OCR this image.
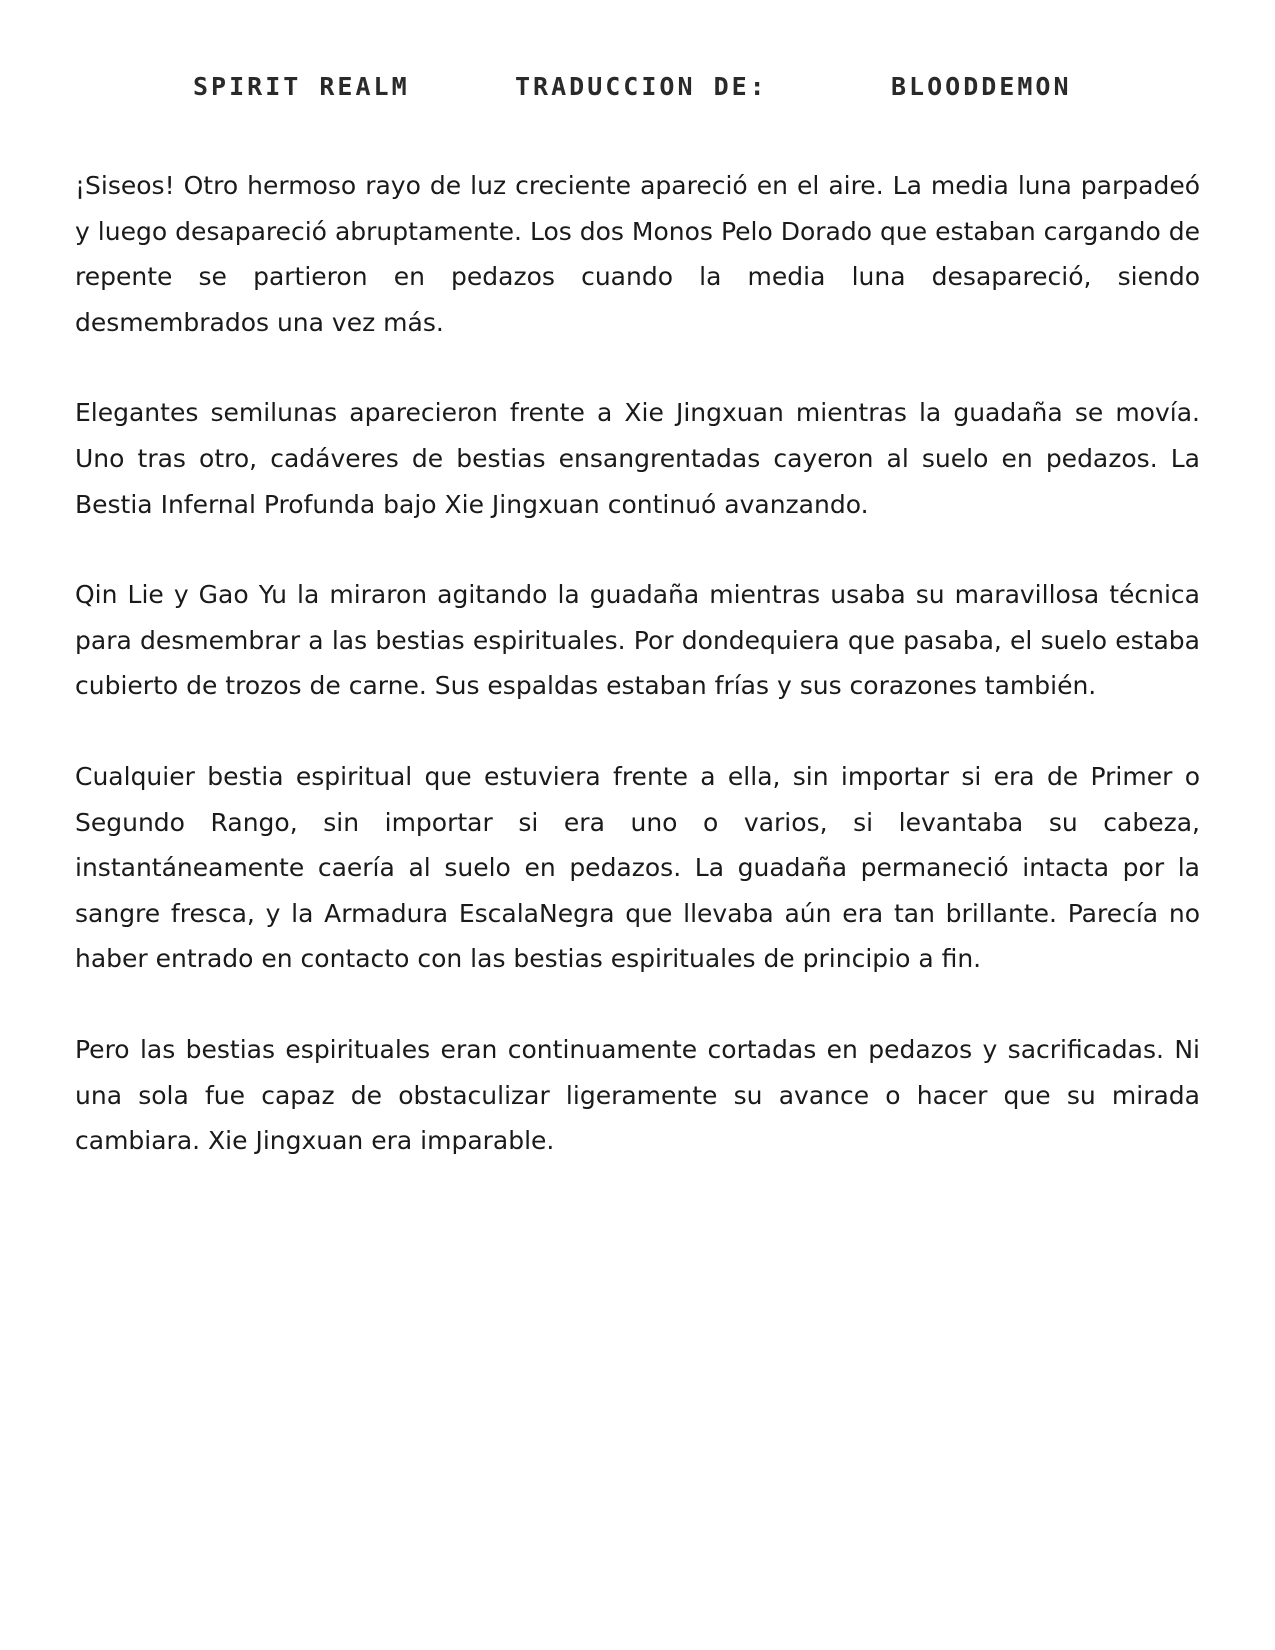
SPIRIT REALM	TRADUCCION DE:	BLOODDEMON

¡Siseos! Otro hermoso rayo de luz creciente apareció en el aire. La media luna parpadeó y luego desapareció abruptamente. Los dos Monos Pelo Dorado que estaban cargando de repente se partieron en pedazos cuando la media luna desapareció, siendo desmembrados una vez más.

Elegantes semilunas aparecieron frente a Xie Jingxuan mientras la guadaña se movía. Uno tras otro, cadáveres de bestias ensangrentadas cayeron al suelo en pedazos. La Bestia Infernal Profunda bajo Xie Jingxuan continuó avanzando.

Qin Lie y Gao Yu la miraron agitando la guadaña mientras usaba su maravillosa técnica para desmembrar a las bestias espirituales. Por dondequiera que pasaba, el suelo estaba cubierto de trozos de carne. Sus espaldas estaban frías y sus corazones también.

Cualquier bestia espiritual que estuviera frente a ella, sin importar si era de Primer o Segundo Rango, sin importar si era uno o varios, si levantaba su cabeza, instantáneamente caería al suelo en pedazos. La guadaña permaneció intacta por la sangre fresca, y la Armadura EscalaNegra que llevaba aún era tan brillante. Parecía no haber entrado en contacto con las bestias espirituales de principio a fin.

Pero las bestias espirituales eran continuamente cortadas en pedazos y sacrificadas. Ni una sola fue capaz de obstaculizar ligeramente su avance o hacer que su mirada cambiara. Xie Jingxuan era imparable.
